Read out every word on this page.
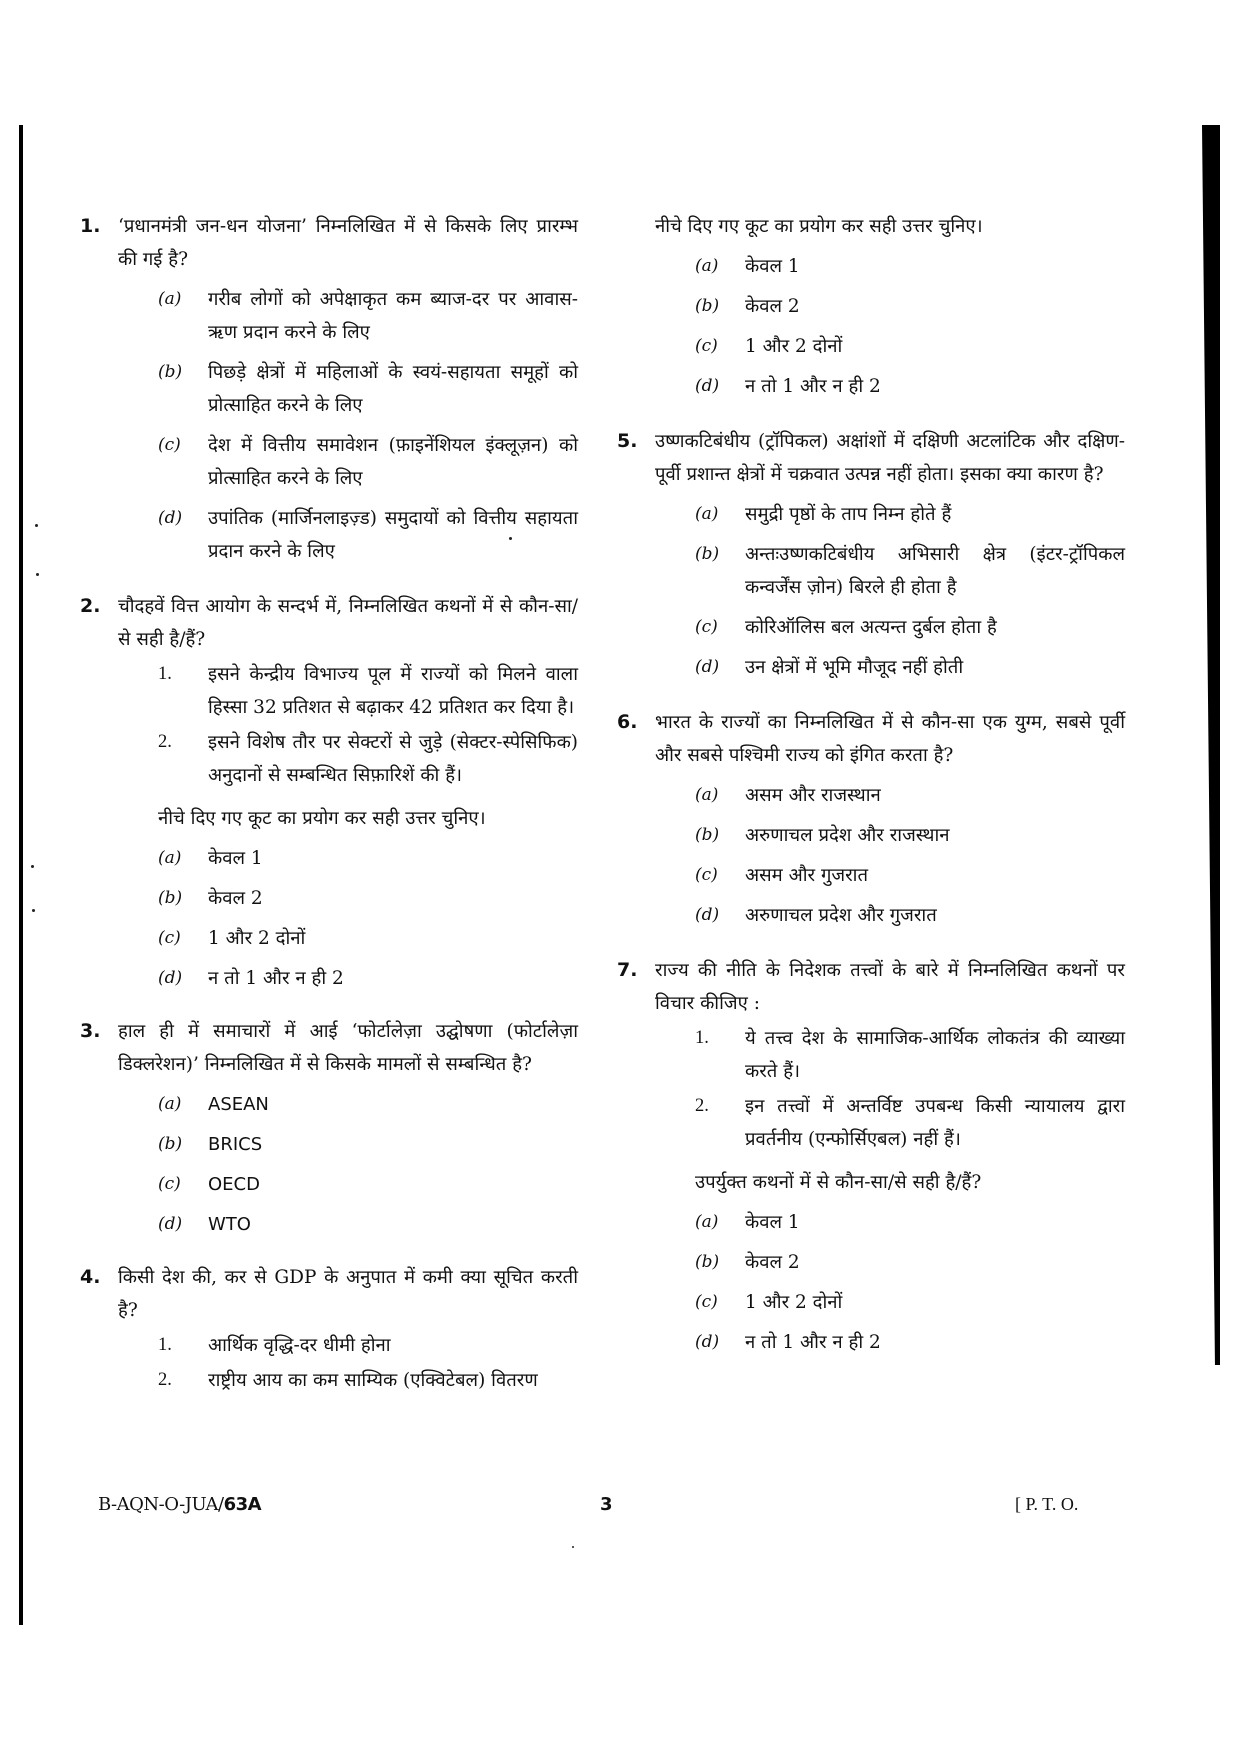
1. ‘प्रधानमंत्री जन-धन योजना’ निम्नलिखित में से किसके लिए प्रारम्भ की गई है?
(a)	गरीब लोगों को अपेक्षाकृत कम ब्याज-दर पर आवास-ऋण प्रदान करने के लिए
(b)	पिछड़े क्षेत्रों में महिलाओं के स्वयं-सहायता समूहों को प्रोत्साहित करने के लिए
(c)	देश में वित्तीय समावेशन (फ़ाइनेंशियल इंक्लूज़न) को प्रोत्साहित करने के लिए
(d)	उपांतिक (मार्जिनलाइज़्ड) समुदायों को वित्तीय सहायता प्रदान करने के लिए
2. चौदहवें वित्त आयोग के सन्दर्भ में, निम्नलिखित कथनों में से कौन-सा/से सही है/हैं?
1.	इसने केन्द्रीय विभाज्य पूल में राज्यों को मिलने वाला हिस्सा 32 प्रतिशत से बढ़ाकर 42 प्रतिशत कर दिया है।
2.	इसने विशेष तौर पर सेक्टरों से जुड़े (सेक्टर-स्पेसिफिक) अनुदानों से सम्बन्धित सिफ़ारिशें की हैं।
नीचे दिए गए कूट का प्रयोग कर सही उत्तर चुनिए।
(a)	केवल 1
(b)	केवल 2
(c)	1 और 2 दोनों
(d)	न तो 1 और न ही 2
3. हाल ही में समाचारों में आई ‘फोर्टालेज़ा उद्घोषणा (फोर्टालेज़ा डिक्लरेशन)’ निम्नलिखित में से किसके मामलों से सम्बन्धित है?
(a)	ASEAN
(b)	BRICS
(c)	OECD
(d)	WTO
4. किसी देश की, कर से GDP के अनुपात में कमी क्या सूचित करती है?
1.	आर्थिक वृद्धि-दर धीमी होना
2.	राष्ट्रीय आय का कम साम्यिक (एक्विटेबल) वितरण
नीचे दिए गए कूट का प्रयोग कर सही उत्तर चुनिए।
(a)	केवल 1
(b)	केवल 2
(c)	1 और 2 दोनों
(d)	न तो 1 और न ही 2
5. उष्णकटिबंधीय (ट्रॉपिकल) अक्षांशों में दक्षिणी अटलांटिक और दक्षिण-पूर्वी प्रशान्त क्षेत्रों में चक्रवात उत्पन्न नहीं होता। इसका क्या कारण है?
(a)	समुद्री पृष्ठों के ताप निम्न होते हैं
(b)	अन्तःउष्णकटिबंधीय अभिसारी क्षेत्र (इंटर-ट्रॉपिकल कन्वर्जेंस ज़ोन) बिरले ही होता है
(c)	कोरिऑलिस बल अत्यन्त दुर्बल होता है
(d)	उन क्षेत्रों में भूमि मौजूद नहीं होती
6. भारत के राज्यों का निम्नलिखित में से कौन-सा एक युग्म, सबसे पूर्वी और सबसे पश्चिमी राज्य को इंगित करता है?
(a)	असम और राजस्थान
(b)	अरुणाचल प्रदेश और राजस्थान
(c)	असम और गुजरात
(d)	अरुणाचल प्रदेश और गुजरात
7. राज्य की नीति के निदेशक तत्त्वों के बारे में निम्नलिखित कथनों पर विचार कीजिए :
1.	ये तत्त्व देश के सामाजिक-आर्थिक लोकतंत्र की व्याख्या करते हैं।
2.	इन तत्त्वों में अन्तर्विष्ट उपबन्ध किसी न्यायालय द्वारा प्रवर्तनीय (एन्फोर्सिएबल) नहीं हैं।
उपर्युक्त कथनों में से कौन-सा/से सही है/हैं?
(a)	केवल 1
(b)	केवल 2
(c)	1 और 2 दोनों
(d)	न तो 1 और न ही 2
B-AQN-O-JUA/63A	3	[ P. T. O.
